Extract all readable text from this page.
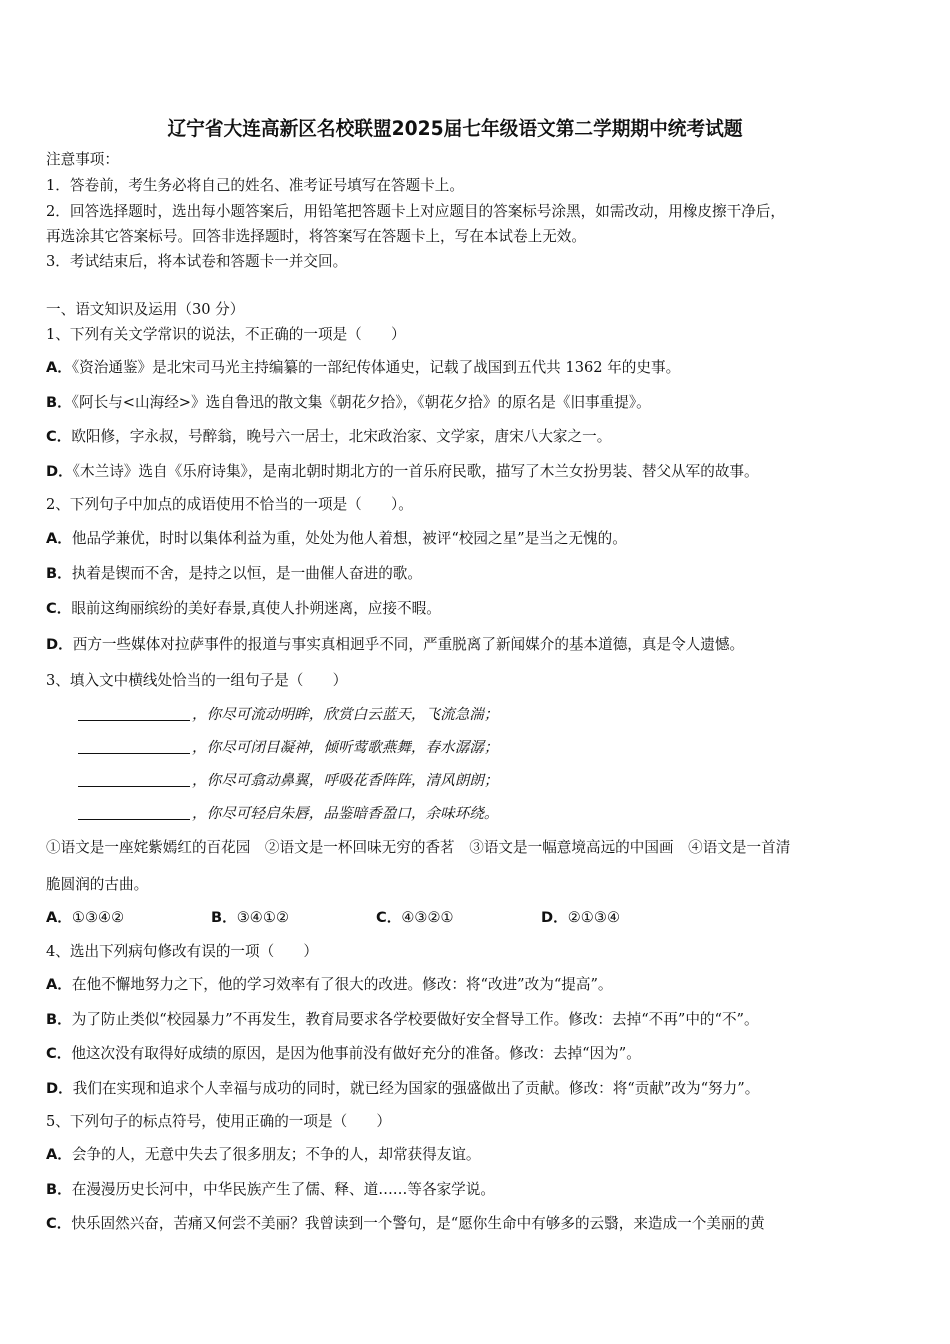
辽宁省大连高新区名校联盟2025届七年级语文第二学期期中统考试题
注意事项：
1．答卷前，考生务必将自己的姓名、准考证号填写在答题卡上。
2．回答选择题时，选出每小题答案后，用铅笔把答题卡上对应题目的答案标号涂黑，如需改动，用橡皮擦干净后，
再选涂其它答案标号。回答非选择题时，将答案写在答题卡上，写在本试卷上无效。
3．考试结束后，将本试卷和答题卡一并交回。
一、语文知识及运用（30 分）
1、下列有关文学常识的说法，不正确的一项是（　　）
A．《资治通鉴》是北宋司马光主持编纂的一部纪传体通史，记载了战国到五代共 1362 年的史事。
B．《阿长与<山海经>》选自鲁迅的散文集《朝花夕拾》，《朝花夕拾》的原名是《旧事重提》。
C．欧阳修，字永叔，号醉翁，晚号六一居士，北宋政治家、文学家，唐宋八大家之一。
D．《木兰诗》选自《乐府诗集》，是南北朝时期北方的一首乐府民歌，描写了木兰女扮男装、替父从军的故事。
2、下列句子中加点的成语使用不恰当的一项是（　　）。
A．他品学兼优，时时以集体利益为重，处处为他人着想，被评“校园之星”是当之无愧的。
B．执着是锲而不舍，是持之以恒，是一曲催人奋进的歌。
C．眼前这绚丽缤纷的美好春景,真使人扑朔迷离，应接不暇。
D．西方一些媒体对拉萨事件的报道与事实真相迥乎不同，严重脱离了新闻媒介的基本道德，真是令人遗憾。
3、填入文中横线处恰当的一组句子是（　　）
，你尽可流动明眸，欣赏白云蓝天，飞流急湍；
，你尽可闭目凝神，倾听莺歌燕舞，春水潺潺；
，你尽可翕动鼻翼，呼吸花香阵阵，清风朗朗；
，你尽可轻启朱唇，品鉴暗香盈口，余味环绕。
①语文是一座姹紫嫣红的百花园　②语文是一杯回味无穷的香茗　③语文是一幅意境高远的中国画　④语文是一首清
脆圆润的古曲。
A．①③④②	B．③④①②	C．④③②①	D．②①③④
4、选出下列病句修改有误的一项（　　）
A．在他不懈地努力之下，他的学习效率有了很大的改进。修改：将“改进”改为“提高”。
B．为了防止类似“校园暴力”不再发生，教育局要求各学校要做好安全督导工作。修改：去掉“不再”中的“不”。
C．他这次没有取得好成绩的原因，是因为他事前没有做好充分的准备。修改：去掉“因为”。
D．我们在实现和追求个人幸福与成功的同时，就已经为国家的强盛做出了贡献。修改：将“贡献”改为“努力”。
5、下列句子的标点符号，使用正确的一项是（　　）
A．会争的人，无意中失去了很多朋友；不争的人，却常获得友谊。
B．在漫漫历史长河中，中华民族产生了儒、释、道……等各家学说。
C．快乐固然兴奋，苦痛又何尝不美丽？我曾读到一个警句，是“愿你生命中有够多的云翳，来造成一个美丽的黄
